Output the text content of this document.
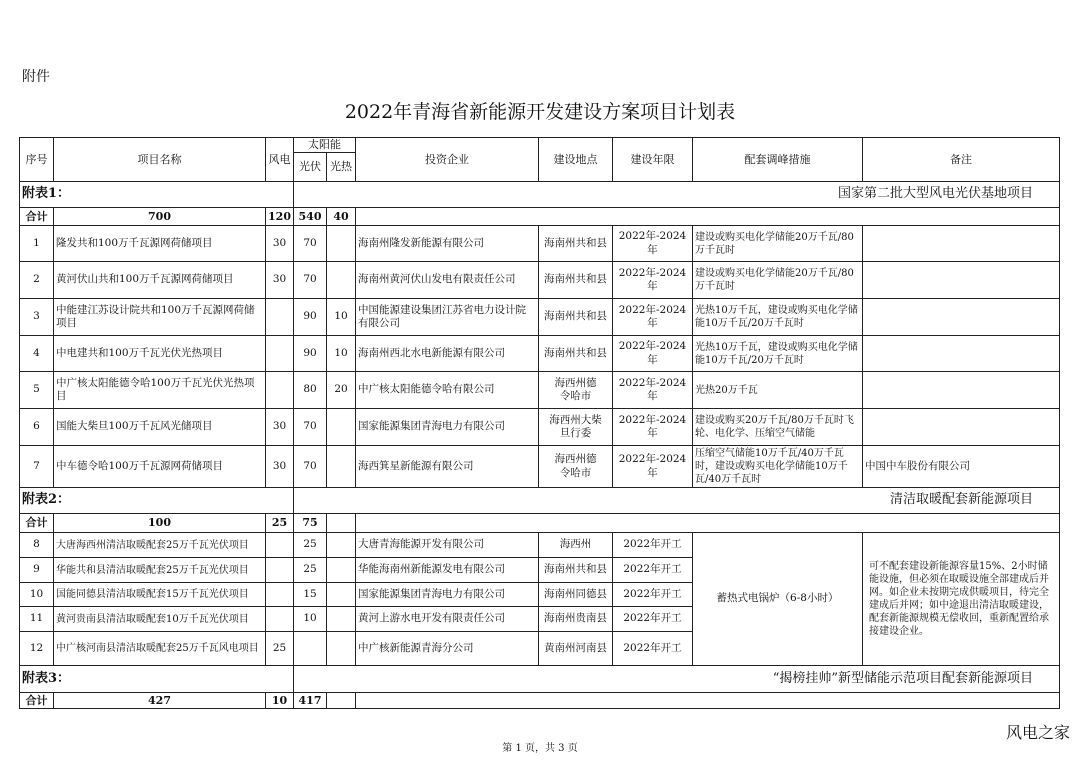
附件
2022年青海省新能源开发建设方案项目计划表
序号	项目名称	风电	太阳能		投资企业	建设地点	建设年限	配套调峰措施	备注
			光伏	光热					
附表1：			国家第二批大型风电光伏基地项目						
合计	700	120	540	40					
1	隆发共和100万千瓦源网荷储项目	30	70		海南州隆发新能源有限公司	海南州共和县	2022年-2024年	建设或购买电化学储能20万千瓦/80万千瓦时	
2	黄河伏山共和100万千瓦源网荷储项目	30	70		海南州黄河伏山发电有限责任公司	海南州共和县	2022年-2024年	建设或购买电化学储能20万千瓦/80万千瓦时	
3	中能建江苏设计院共和100万千瓦源网荷储项目		90	10	中国能源建设集团江苏省电力设计院有限公司	海南州共和县	2022年-2024年	光热10万千瓦，建设或购买电化学储能10万千瓦/20万千瓦时	
4	中电建共和100万千瓦光伏光热项目		90	10	海南州西北水电新能源有限公司	海南州共和县	2022年-2024年	光热10万千瓦，建设或购买电化学储能10万千瓦/20万千瓦时	
5	中广核太阳能德令哈100万千瓦光伏光热项目		80	20	中广核太阳能德令哈有限公司	海西州德令哈市	2022年-2024年	光热20万千瓦	
6	国能大柴旦100万千瓦风光储项目	30	70		国家能源集团青海电力有限公司	海西州大柴旦行委	2022年-2024年	建设或购买20万千瓦/80万千瓦时飞轮、电化学、压缩空气储能	
7	中车德令哈100万千瓦源网荷储项目	30	70		海西箕星新能源有限公司	海西州德令哈市	2022年-2024年	压缩空气储能10万千瓦/40万千瓦时，建设或购买电化学储能10万千瓦/40万千瓦时	中国中车股份有限公司
附表2：			清洁取暖配套新能源项目						
合计	100	25	75						
8	大唐海西州清洁取暖配套25万千瓦光伏项目		25		大唐青海能源开发有限公司	海西州	2022年开工	蓄热式电锅炉（6-8小时）	可不配套建设新能源容量15%、2小时储能设施，但必须在取暖设施全部建成后并网。如企业未按期完成供暖项目，待完全建成后并网；如中途退出清洁取暖建设，配套新能源规模无偿收回，重新配置给承接建设企业。
9	华能共和县清洁取暖配套25万千瓦光伏项目		25		华能海南州新能源发电有限公司	海南州共和县	2022年开工		
10	国能同德县清洁取暖配套15万千瓦光伏项目		15		国家能源集团青海电力有限公司	海南州同德县	2022年开工		
11	黄河贵南县清洁取暖配套10万千瓦光伏项目		10		黄河上游水电开发有限责任公司	海南州贵南县	2022年开工		
12	中广核河南县清洁取暖配套25万千瓦风电项目	25			中广核新能源青海分公司	黄南州河南县	2022年开工		
附表3：			“揭榜挂帅”新型储能示范项目配套新能源项目						
合计	427	10	417						
风电之家
第 1 页，共 3 页
